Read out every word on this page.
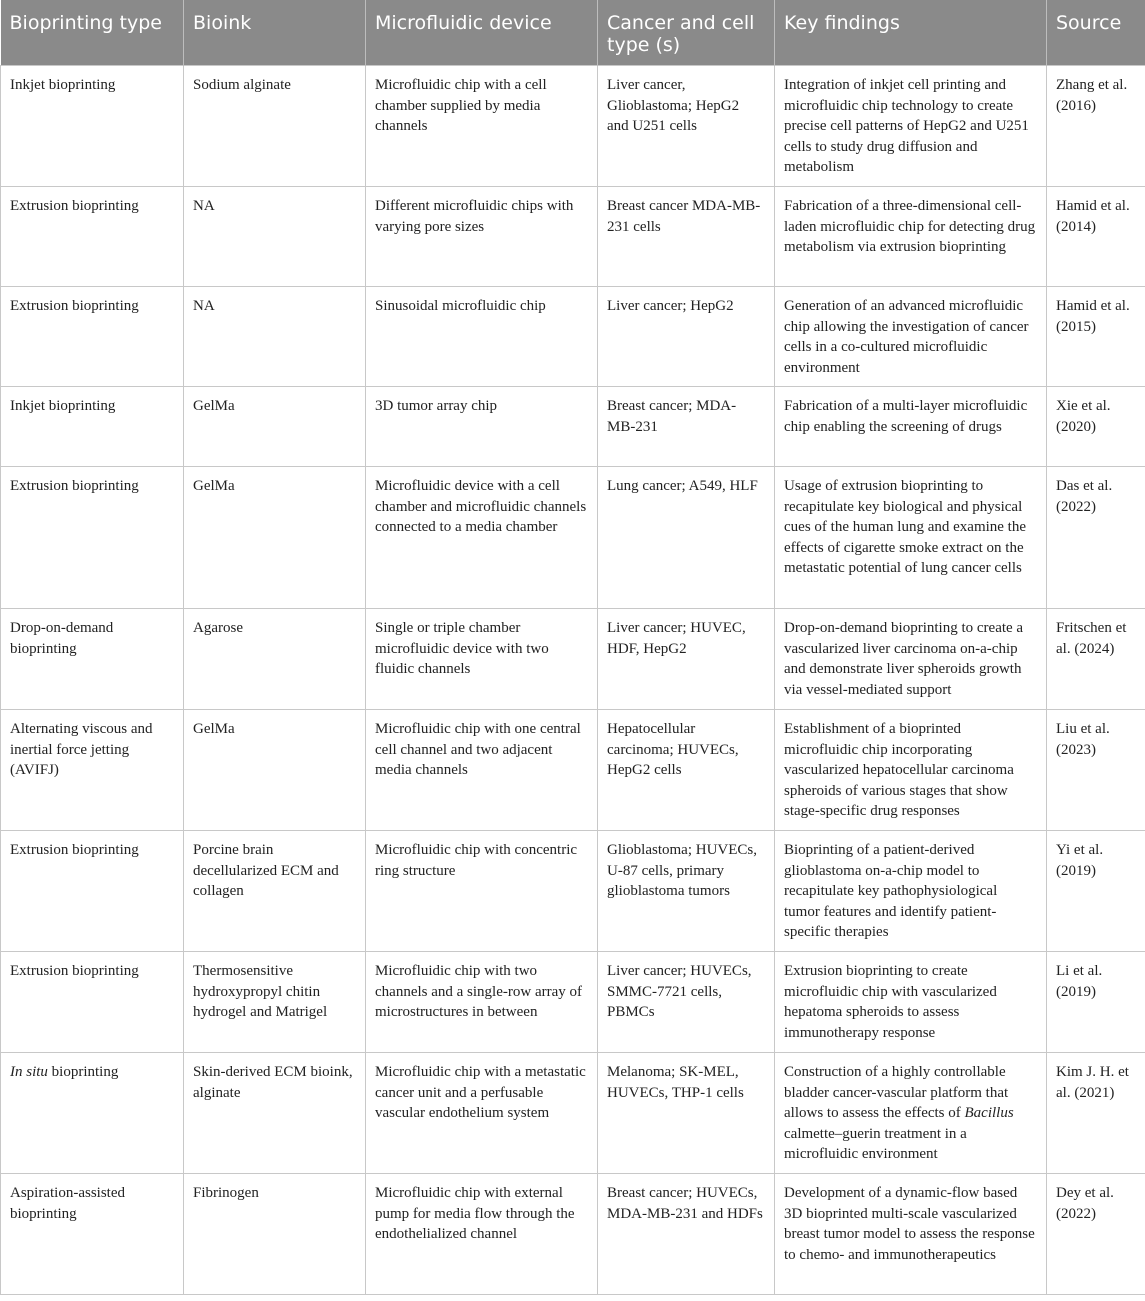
Bioprinting type	Bioink	Microfluidic device	Cancer and cell type (s)	Key findings	Source
Inkjet bioprinting	Sodium alginate	Microfluidic chip with a cell chamber supplied by media channels	Liver cancer, Glioblastoma; HepG2 and U251 cells	Integration of inkjet cell printing and microfluidic chip technology to create precise cell patterns of HepG2 and U251 cells to study drug diffusion and metabolism	Zhang et al. (2016)
Extrusion bioprinting	NA	Different microfluidic chips with varying pore sizes	Breast cancer MDA-MB-231 cells	Fabrication of a three-dimensional cell-laden microfluidic chip for detecting drug metabolism via extrusion bioprinting	Hamid et al. (2014)
Extrusion bioprinting	NA	Sinusoidal microfluidic chip	Liver cancer; HepG2	Generation of an advanced microfluidic chip allowing the investigation of cancer cells in a co-cultured microfluidic environment	Hamid et al. (2015)
Inkjet bioprinting	GelMa	3D tumor array chip	Breast cancer; MDA-MB-231	Fabrication of a multi-layer microfluidic chip enabling the screening of drugs	Xie et al. (2020)
Extrusion bioprinting	GelMa	Microfluidic device with a cell chamber and microfluidic channels connected to a media chamber	Lung cancer; A549, HLF	Usage of extrusion bioprinting to recapitulate key biological and physical cues of the human lung and examine the effects of cigarette smoke extract on the metastatic potential of lung cancer cells	Das et al. (2022)
Drop-on-demand bioprinting	Agarose	Single or triple chamber microfluidic device with two fluidic channels	Liver cancer; HUVEC, HDF, HepG2	Drop-on-demand bioprinting to create a vascularized liver carcinoma on-a-chip and demonstrate liver spheroids growth via vessel-mediated support	Fritschen et al. (2024)
Alternating viscous and inertial force jetting (AVIFJ)	GelMa	Microfluidic chip with one central cell channel and two adjacent media channels	Hepatocellular carcinoma; HUVECs, HepG2 cells	Establishment of a bioprinted microfluidic chip incorporating vascularized hepatocellular carcinoma spheroids of various stages that show stage-specific drug responses	Liu et al. (2023)
Extrusion bioprinting	Porcine brain decellularized ECM and collagen	Microfluidic chip with concentric ring structure	Glioblastoma; HUVECs, U-87 cells, primary glioblastoma tumors	Bioprinting of a patient-derived glioblastoma on-a-chip model to recapitulate key pathophysiological tumor features and identify patient-specific therapies	Yi et al. (2019)
Extrusion bioprinting	Thermosensitive hydroxypropyl chitin hydrogel and Matrigel	Microfluidic chip with two channels and a single-row array of microstructures in between	Liver cancer; HUVECs, SMMC-7721 cells, PBMCs	Extrusion bioprinting to create microfluidic chip with vascularized hepatoma spheroids to assess immunotherapy response	Li et al. (2019)
In situ bioprinting	Skin-derived ECM bioink, alginate	Microfluidic chip with a metastatic cancer unit and a perfusable vascular endothelium system	Melanoma; SK-MEL, HUVECs, THP-1 cells	Construction of a highly controllable bladder cancer-vascular platform that allows to assess the effects of Bacillus calmette–guerin treatment in a microfluidic environment	Kim J. H. et al. (2021)
Aspiration-assisted bioprinting	Fibrinogen	Microfluidic chip with external pump for media flow through the endothelialized channel	Breast cancer; HUVECs, MDA-MB-231 and HDFs	Development of a dynamic-flow based 3D bioprinted multi-scale vascularized breast tumor model to assess the response to chemo- and immunotherapeutics	Dey et al. (2022)
